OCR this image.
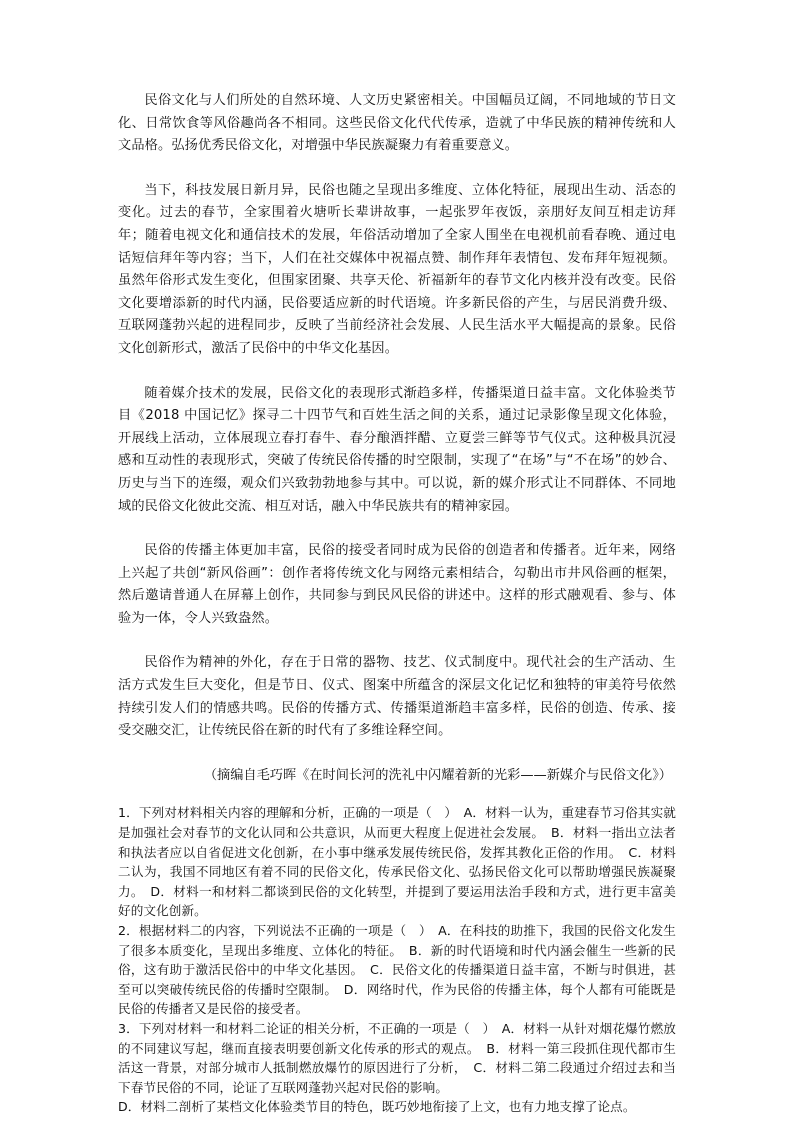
民俗文化与人们所处的自然环境、人文历史紧密相关。中国幅员辽阔，不同地域的节日文化、日常饮食等风俗趣尚各不相同。这些民俗文化代代传承，造就了中华民族的精神传统和人文品格。弘扬优秀民俗文化，对增强中华民族凝聚力有着重要意义。

当下，科技发展日新月异，民俗也随之呈现出多维度、立体化特征，展现出生动、活态的变化。过去的春节，全家围着火塘听长辈讲故事，一起张罗年夜饭，亲朋好友间互相走访拜年；随着电视文化和通信技术的发展，年俗活动增加了全家人围坐在电视机前看春晚、通过电话短信拜年等内容；当下，人们在社交媒体中祝福点赞、制作拜年表情包、发布拜年短视频。虽然年俗形式发生变化，但围家团聚、共享天伦、祈福新年的春节文化内核并没有改变。民俗文化要增添新的时代内涵，民俗要适应新的时代语境。许多新民俗的产生，与居民消费升级、互联网蓬勃兴起的进程同步，反映了当前经济社会发展、人民生活水平大幅提高的景象。民俗文化创新形式，激活了民俗中的中华文化基因。

随着媒介技术的发展，民俗文化的表现形式渐趋多样，传播渠道日益丰富。文化体验类节目《2018 中国记忆》探寻二十四节气和百姓生活之间的关系，通过记录影像呈现文化体验，开展线上活动，立体展现立春打春牛、春分酿酒拌醋、立夏尝三鲜等节气仪式。这种极具沉浸感和互动性的表现形式，突破了传统民俗传播的时空限制，实现了“在场”与“不在场”的妙合、历史与当下的连缀，观众们兴致勃勃地参与其中。可以说，新的媒介形式让不同群体、不同地域的民俗文化彼此交流、相互对话，融入中华民族共有的精神家园。

民俗的传播主体更加丰富，民俗的接受者同时成为民俗的创造者和传播者。近年来，网络上兴起了共创“新风俗画”：创作者将传统文化与网络元素相结合，勾勒出市井风俗画的框架，然后邀请普通人在屏幕上创作，共同参与到民风民俗的讲述中。这样的形式融观看、参与、体验为一体，令人兴致盎然。

民俗作为精神的外化，存在于日常的器物、技艺、仪式制度中。现代社会的生产活动、生活方式发生巨大变化，但是节日、仪式、图案中所蕴含的深层文化记忆和独特的审美符号依然持续引发人们的情感共鸣。民俗的传播方式、传播渠道渐趋丰富多样，民俗的创造、传承、接受交融交汇，让传统民俗在新的时代有了多维诠释空间。

（摘编自毛巧晖《在时间长河的洗礼中闪耀着新的光彩——新媒介与民俗文化》）

1．下列对材料相关内容的理解和分析，正确的一项是（　）　A．材料一认为，重建春节习俗其实就是加强社会对春节的文化认同和公共意识，从而更大程度上促进社会发展。　B．材料一指出立法者和执法者应以自省促进文化创新，在小事中继承发展传统民俗，发挥其教化正俗的作用。　C．材料二认为，我国不同地区有着不同的民俗文化，传承民俗文化、弘扬民俗文化可以帮助增强民族凝聚力。　D．材料一和材料二都谈到民俗的文化转型，并提到了要运用法治手段和方式，进行更丰富美好的文化创新。

2．根据材料二的内容，下列说法不正确的一项是（　）　A．在科技的助推下，我国的民俗文化发生了很多本质变化，呈现出多维度、立体化的特征。　B．新的时代语境和时代内涵会催生一些新的民俗，这有助于激活民俗中的中华文化基因。　C．民俗文化的传播渠道日益丰富，不断与时俱进，甚至可以突破传统民俗的传播时空限制。　D．网络时代，作为民俗的传播主体，每个人都有可能既是民俗的传播者又是民俗的接受者。

3．下列对材料一和材料二论证的相关分析，不正确的一项是（　）　A．材料一从针对烟花爆竹燃放的不同建议写起，继而直接表明要创新文化传承的形式的观点。　B．材料一第三段抓住现代都市生活这一背景，对部分城市人抵制燃放爆竹的原因进行了分析，　C．材料二第二段通过介绍过去和当下春节民俗的不同，论证了互联网蓬勃兴起对民俗的影响。

D．材料二剖析了某档文化体验类节目的特色，既巧妙地衔接了上文，也有力地支撑了论点。
